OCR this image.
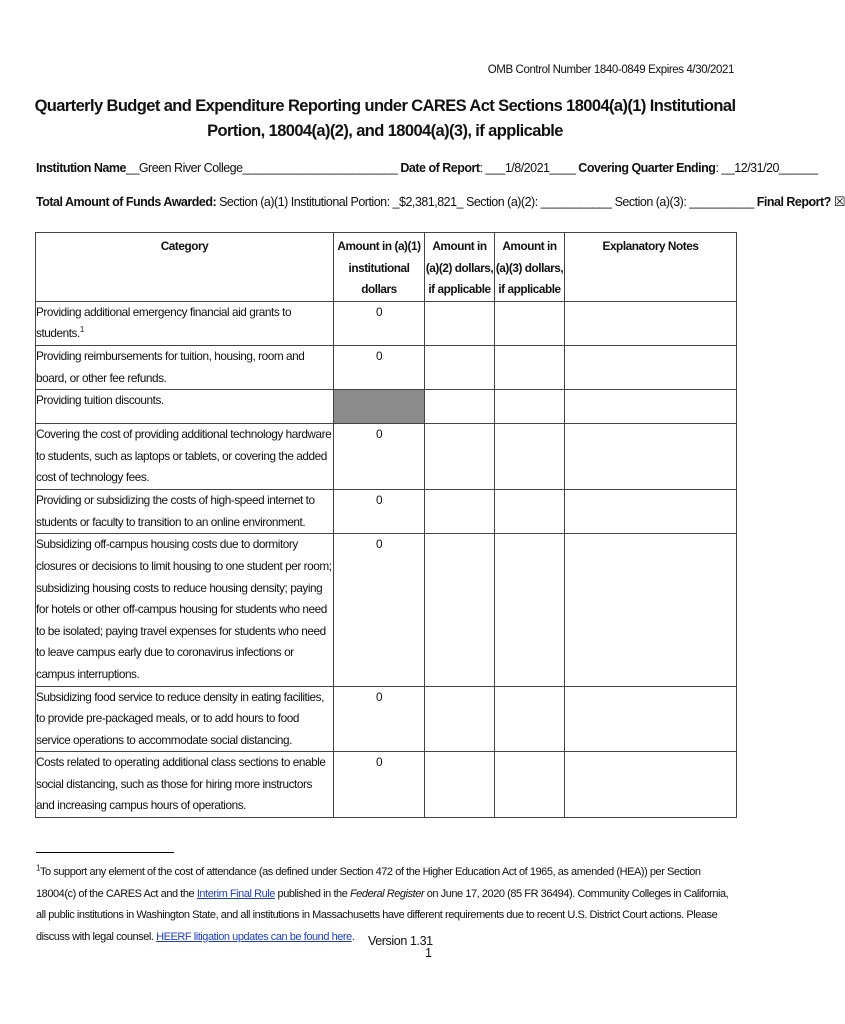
OMB Control Number 1840-0849 Expires 4/30/2021
Quarterly Budget and Expenditure Reporting under CARES Act Sections 18004(a)(1) Institutional Portion, 18004(a)(2), and 18004(a)(3), if applicable
Institution Name__Green River College________________________ Date of Report: ___1/8/2021____ Covering Quarter Ending: __12/31/20______
Total Amount of Funds Awarded: Section (a)(1) Institutional Portion: _$2,381,821_ Section (a)(2): ___________ Section (a)(3): __________ Final Report? ☒
Category	Amount in (a)(1) institutional dollars	Amount in (a)(2) dollars, if applicable	Amount in (a)(3) dollars, if applicable	Explanatory Notes
Providing additional emergency financial aid grants to students.$^1$	0			
Providing reimbursements for tuition, housing, room and board, or other fee refunds.	0			
Providing tuition discounts.				
Covering the cost of providing additional technology hardware to students, such as laptops or tablets, or covering the added cost of technology fees.	0			
Providing or subsidizing the costs of high-speed internet to students or faculty to transition to an online environment.	0			
Subsidizing off-campus housing costs due to dormitory closures or decisions to limit housing to one student per room; subsidizing housing costs to reduce housing density; paying for hotels or other off-campus housing for students who need to be isolated; paying travel expenses for students who need to leave campus early due to coronavirus infections or campus interruptions.	0			
Subsidizing food service to reduce density in eating facilities, to provide pre-packaged meals, or to add hours to food service operations to accommodate social distancing.	0			
Costs related to operating additional class sections to enable social distancing, such as those for hiring more instructors and increasing campus hours of operations.	0			
$^1$To support any element of the cost of attendance (as defined under Section 472 of the Higher Education Act of 1965, as amended (HEA)) per Section 18004(c) of the CARES Act and the Interim Final Rule published in the Federal Register on June 17, 2020 (85 FR 36494). Community Colleges in California, all public institutions in Washington State, and all institutions in Massachusetts have different requirements due to recent U.S. District Court actions. Please discuss with legal counsel. HEERF litigation updates can be found here.	Version 1.31
1
